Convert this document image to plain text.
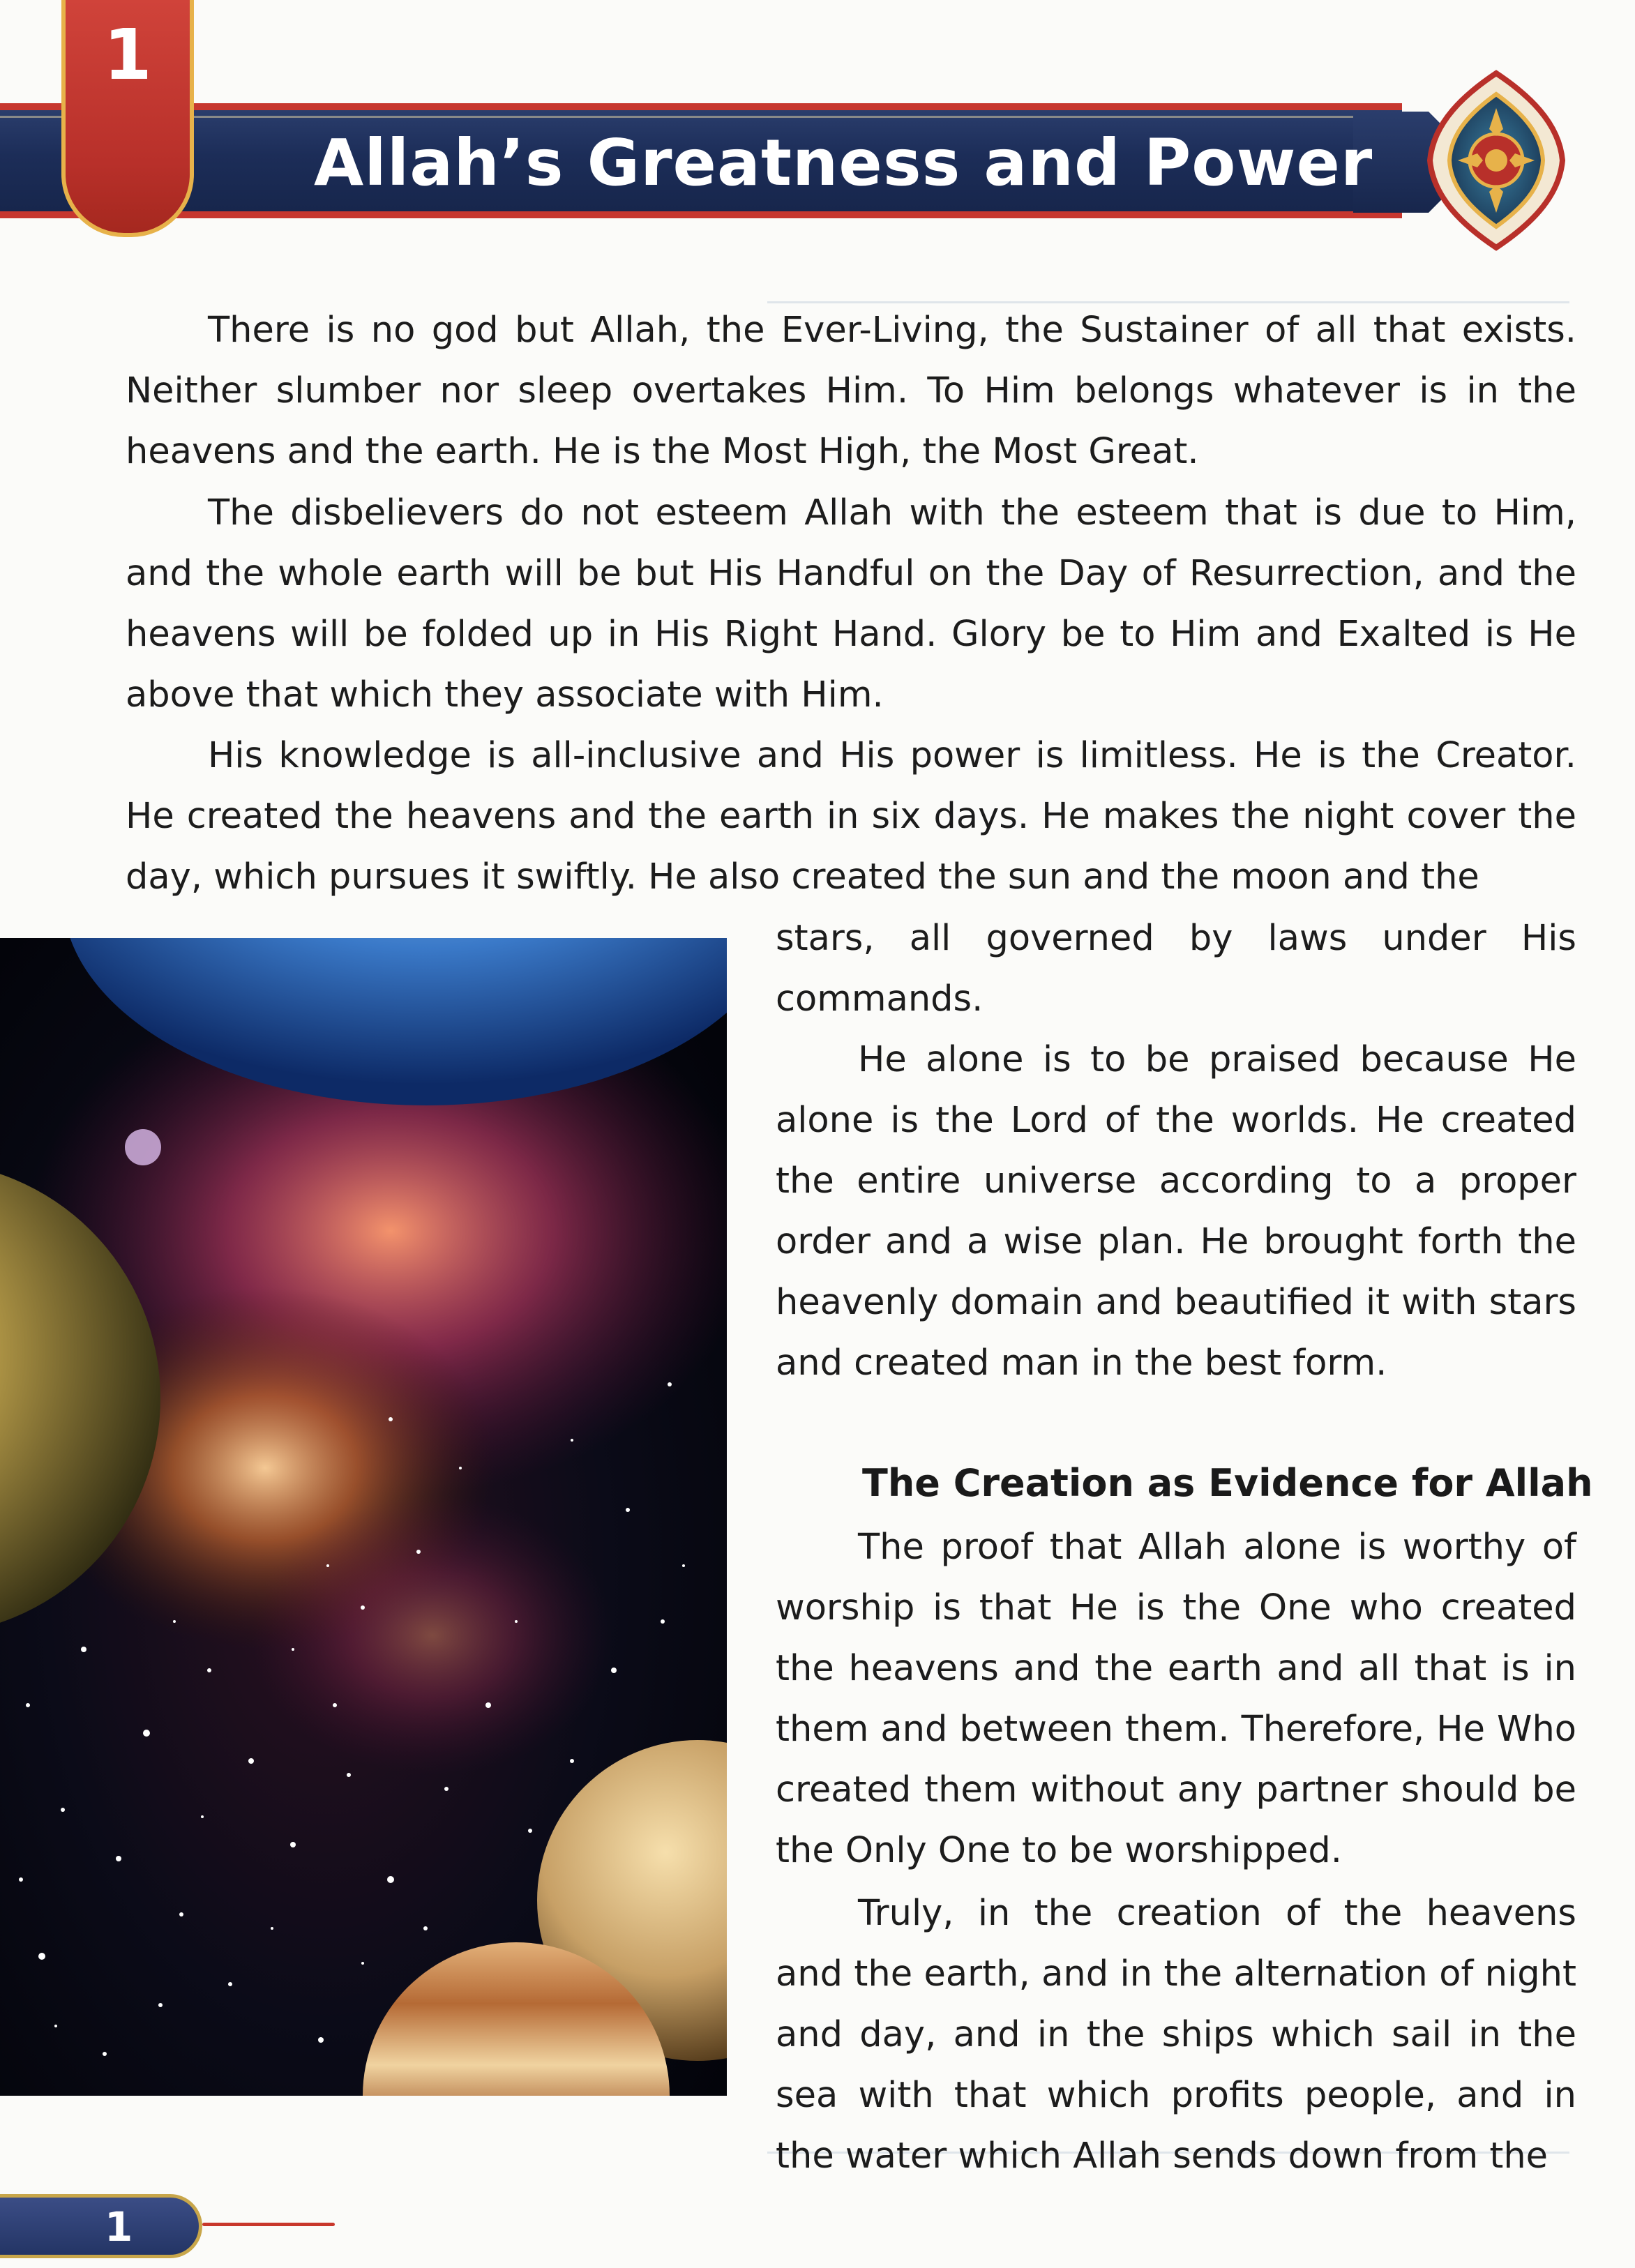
Allah’s Greatness and Power
1

There is no god but Allah, the Ever-Living, the Sustainer of all that exists. Neither slumber nor sleep overtakes Him. To Him belongs whatever is in the heavens and the earth. He is the Most High, the Most Great.

The disbelievers do not esteem Allah with the esteem that is due to Him, and the whole earth will be but His Handful on the Day of Resurrection, and the heavens will be folded up in His Right Hand. Glory be to Him and Exalted is He above that which they associate with Him.

His knowledge is all-inclusive and His power is limitless. He is the Creator. He created the heavens and the earth in six days. He makes the night cover the day, which pursues it swiftly. He also created the sun and the moon and the

stars, all governed by laws under His commands.

He alone is to be praised because He alone is the Lord of the worlds. He created the entire universe according to a proper order and a wise plan. He brought forth the heavenly domain and beautified it with stars and created man in the best form.

The Creation as Evidence for Allah

The proof that Allah alone is worthy of worship is that He is the One who created the heavens and the earth and all that is in them and between them. Therefore, He Who created them without any partner should be the Only One to be worshipped.

Truly, in the creation of the heavens and the earth, and in the alternation of night and day, and in the ships which sail in the sea with that which profits people, and in the water which Allah sends down from the

1
